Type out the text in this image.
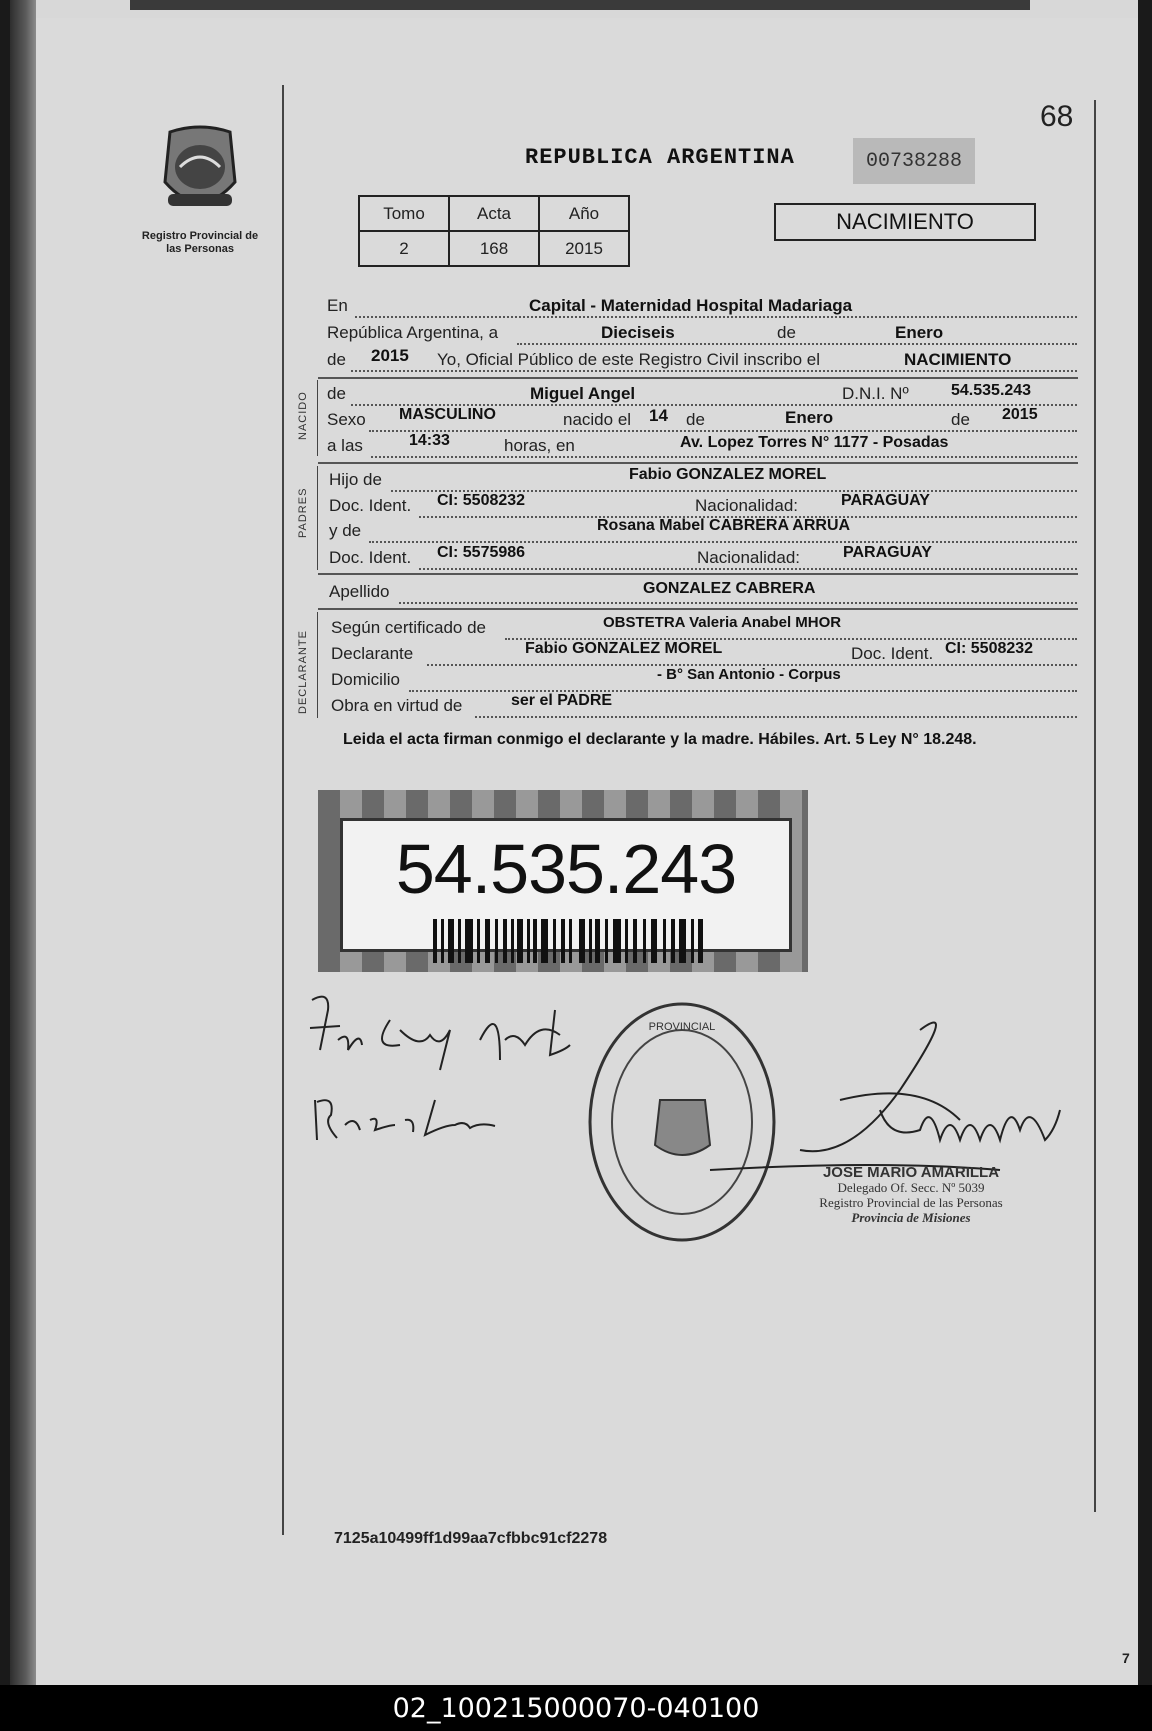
Registro Provincial de las Personas
68
REPUBLICA ARGENTINA	00738288
Tomo	Acta	Año
2	168	2015
NACIMIENTO
En	Capital - Maternidad Hospital Madariaga
República Argentina, a	Dieciseis	de	Enero
de 2015 Yo, Oficial Público de este Registro Civil inscribo el	NACIMIENTO
NACIDO de	Miguel Angel	D.N.I. Nº	54.535.243
Sexo MASCULINO	nacido el 14 de	Enero	de 2015
a las	14:33	horas, en	Av. Lopez Torres N° 1177 - Posadas
PADRES
Hijo de	Fabio GONZALEZ MOREL
Doc. Ident. CI: 5508232	Nacionalidad:	PARAGUAY
y de	Rosana Mabel CABRERA ARRUA
Doc. Ident. CI: 5575986	Nacionalidad:	PARAGUAY
Apellido	GONZALEZ CABRERA
DECLARANTE
Según certificado de	OBSTETRA Valeria Anabel MHOR
Declarante	Fabio GONZALEZ MOREL	Doc. Ident. CI: 5508232
Domicilio	- B° San Antonio - Corpus
Obra en virtud de	ser el PADRE
Leida el acta firman conmigo el declarante y la madre. Hábiles. Art. 5 Ley N° 18.248.
54.535.243
PROVINCIAL
JOSE MARIO AMARILLA
Delegado Of. Secc. Nº 5039
Registro Provincial de las Personas
Provincia de Misiones
7125a10499ff1d99aa7cfbbc91cf2278
7
02_100215000070-040100
